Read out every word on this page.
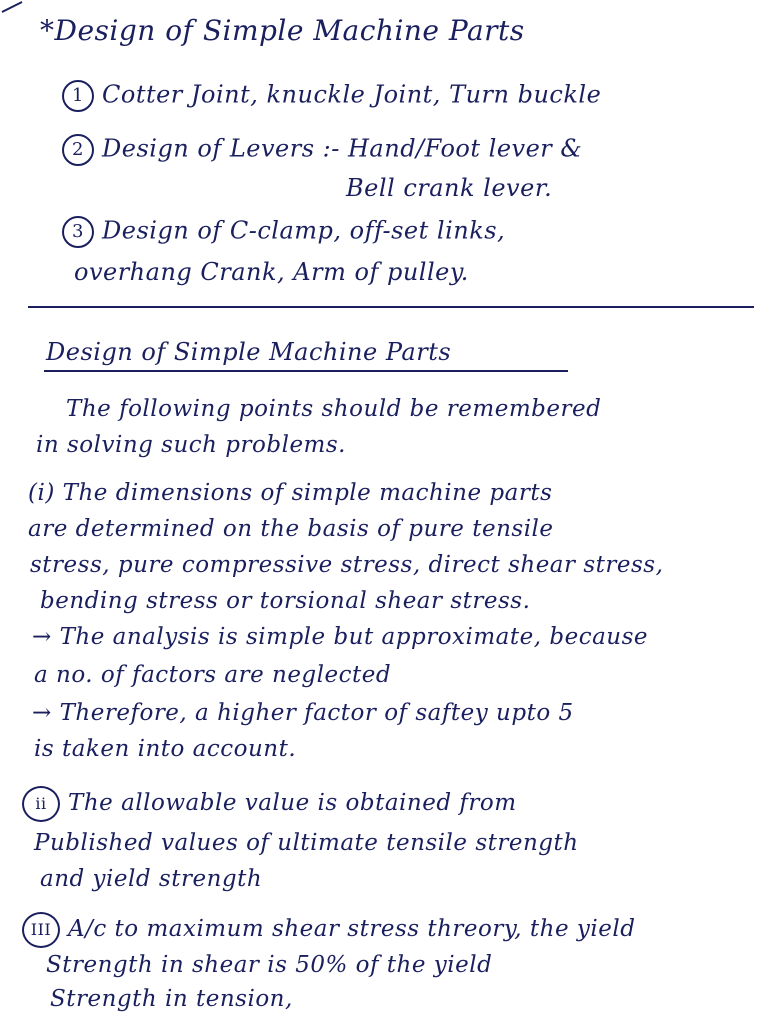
*Design of Simple Machine Parts
1 Cotter Joint, knuckle Joint, Turn buckle
2 Design of Levers :- Hand/Foot lever &
Bell crank lever.
3 Design of C-clamp, off-set links,
overhang Crank, Arm of pulley.
Design of Simple Machine Parts
The following points should be remembered
in solving such problems.
(i) The dimensions of simple machine parts
are determined on the basis of pure tensile
stress, pure compressive stress, direct shear stress,
bending stress or torsional shear stress.
→ The analysis is simple but approximate, because
a no. of factors are neglected
→ Therefore, a higher factor of saftey upto 5
is taken into account.
ii The allowable value is obtained from
Published values of ultimate tensile strength
and yield strength
III A/c to maximum shear stress threory, the yield
Strength in shear is 50% of the yield
Strength in tension,
